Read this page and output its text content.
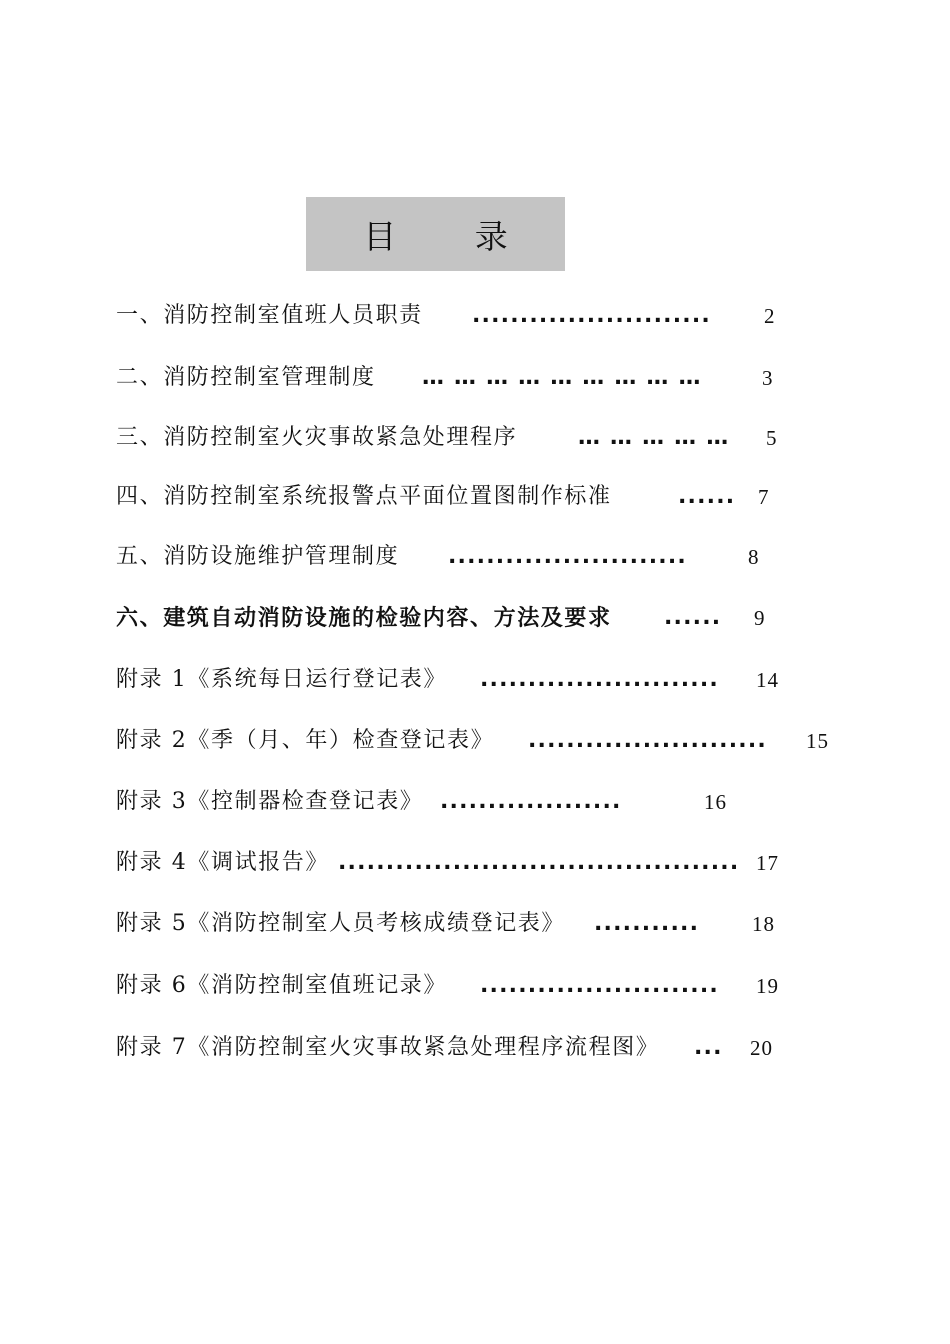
目 录
一、消防控制室值班人员职责 .........................	2
二、消防控制室管理制度 … … … … … … … … …	3
三、消防控制室火灾事故紧急处理程序	… … … … … 5
四、消防控制室系统报警点平面位置图制作标准	...... 7
五、消防设施维护管理制度 .........................	8
六、建筑自动消防设施的检验内容、方法及要求 ...... 9
附录 1《系统每日运行登记表》 ......................... 14
附录 2《季（月、年）检查登记表》 ......................... 15
附录 3《控制器检查登记表》 ...................	16
附录 4《调试报告》 .......................................... 17
附录 5《消防控制室人员考核成绩登记表》 ...........	18
附录 6《消防控制室值班记录》 ......................... 19
附录 7《消防控制室火灾事故紧急处理程序流程图》 ... 20
